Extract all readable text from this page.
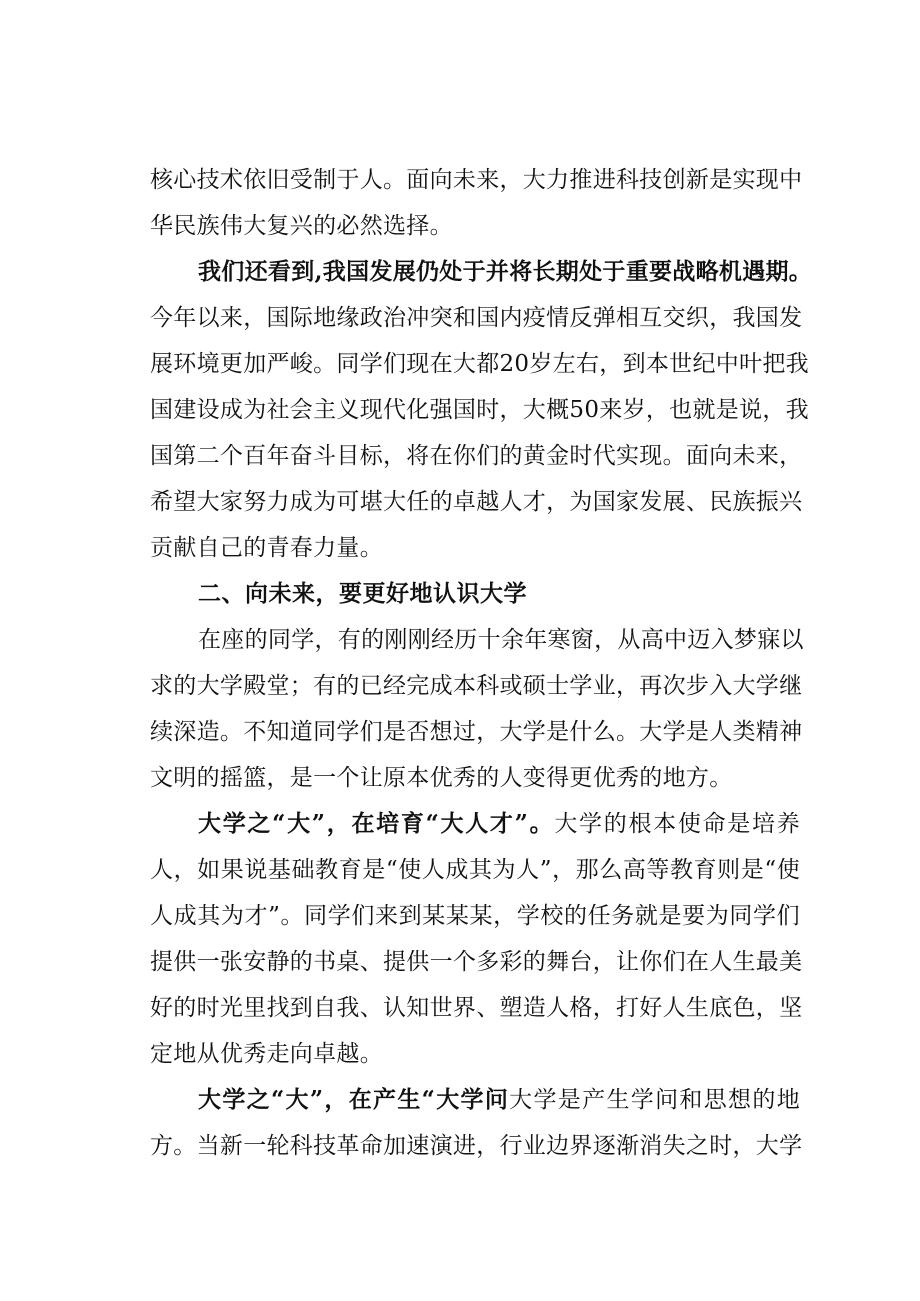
核心技术依旧受制于人。面向未来，大力推进科技创新是实现中
华民族伟大复兴的必然选择。
我们还看到,我国发展仍处于并将长期处于重要战略机遇期。
今年以来，国际地缘政治冲突和国内疫情反弹相互交织，我国发
展环境更加严峻。同学们现在大都20岁左右，到本世纪中叶把我
国建设成为社会主义现代化强国时，大概50来岁，也就是说，我
国第二个百年奋斗目标，将在你们的黄金时代实现。面向未来，
希望大家努力成为可堪大任的卓越人才，为国家发展、民族振兴
贡献自己的青春力量。
二、向未来，要更好地认识大学
在座的同学，有的刚刚经历十余年寒窗，从高中迈入梦寐以
求的大学殿堂；有的已经完成本科或硕士学业，再次步入大学继
续深造。不知道同学们是否想过，大学是什么。大学是人类精神
文明的摇篮，是一个让原本优秀的人变得更优秀的地方。
大学之“大”，在培育“大人才”。大学的根本使命是培养
人，如果说基础教育是“使人成其为人”，那么高等教育则是“使
人成其为才”。同学们来到某某某，学校的任务就是要为同学们
提供一张安静的书桌、提供一个多彩的舞台，让你们在人生最美
好的时光里找到自我、认知世界、塑造人格，打好人生底色，坚
定地从优秀走向卓越。
大学之“大”，在产生“大学问大学是产生学问和思想的地
方。当新一轮科技革命加速演进，行业边界逐渐消失之时，大学
